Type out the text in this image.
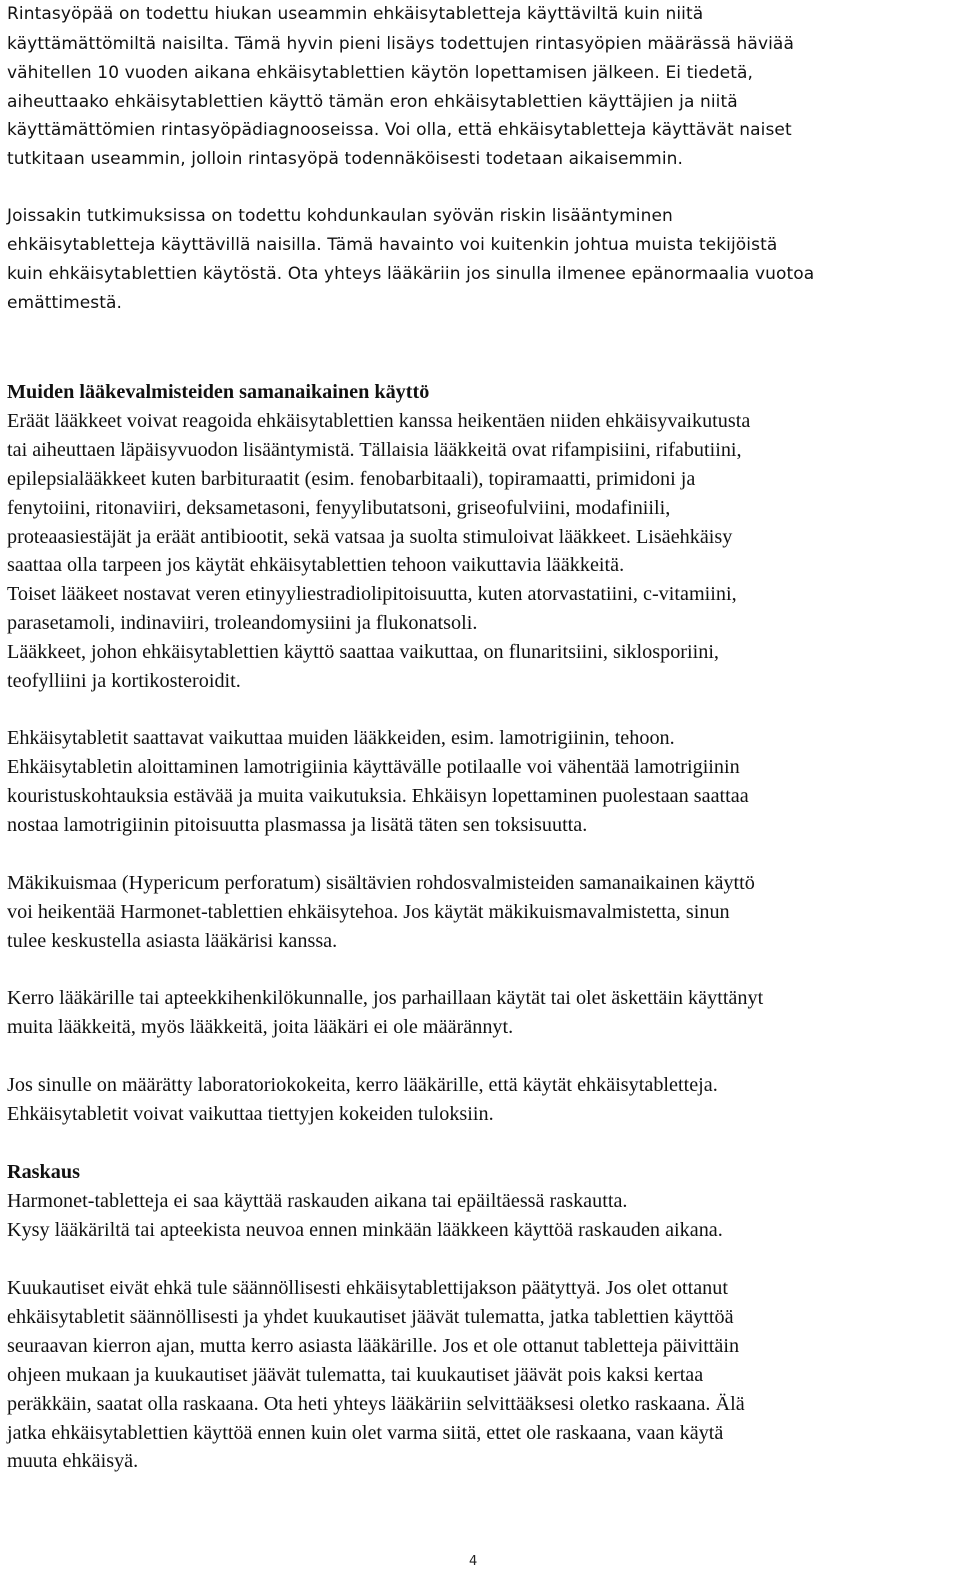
Rintasyöpää on todettu hiukan useammin ehkäisytabletteja käyttäviltä kuin niitä

käyttämättömiltä naisilta. Tämä hyvin pieni lisäys todettujen rintasyöpien määrässä häviää

vähitellen 10 vuoden aikana ehkäisytablettien käytön lopettamisen jälkeen. Ei tiedetä,

aiheuttaako ehkäisytablettien käyttö tämän eron ehkäisytablettien käyttäjien ja niitä

käyttämättömien rintasyöpädiagnooseissa. Voi olla, että ehkäisytabletteja käyttävät naiset

tutkitaan useammin, jolloin rintasyöpä todennäköisesti todetaan aikaisemmin.

Joissakin tutkimuksissa on todettu kohdunkaulan syövän riskin lisääntyminen

ehkäisytabletteja käyttävillä naisilla. Tämä havainto voi kuitenkin johtua muista tekijöistä

kuin ehkäisytablettien käytöstä. Ota yhteys lääkäriin jos sinulla ilmenee epänormaalia vuotoa

emättimestä.

Muiden lääkevalmisteiden samanaikainen käyttö

Eräät lääkkeet voivat reagoida ehkäisytablettien kanssa heikentäen niiden ehkäisyvaikutusta

tai aiheuttaen läpäisyvuodon lisääntymistä. Tällaisia lääkkeitä ovat rifampisiini, rifabutiini,

epilepsialääkkeet kuten barbituraatit (esim. fenobarbitaali), topiramaatti, primidoni ja

fenytoiini, ritonaviiri, deksametasoni, fenyylibutatsoni, griseofulviini, modafiniili,

proteaasiestäjät ja eräät antibiootit, sekä vatsaa ja suolta stimuloivat lääkkeet. Lisäehkäisy

saattaa olla tarpeen jos käytät ehkäisytablettien tehoon vaikuttavia lääkkeitä.

Toiset lääkeet nostavat veren etinyyliestradiolipitoisuutta, kuten atorvastatiini, c-vitamiini,

parasetamoli, indinaviiri, troleandomysiini ja flukonatsoli.

Lääkkeet, johon ehkäisytablettien käyttö saattaa vaikuttaa, on flunaritsiini, siklosporiini,

teofylliini ja kortikosteroidit.

Ehkäisytabletit saattavat vaikuttaa muiden lääkkeiden, esim. lamotrigiinin, tehoon.

Ehkäisytabletin aloittaminen lamotrigiinia käyttävälle potilaalle voi vähentää lamotrigiinin

kouristuskohtauksia estävää ja muita vaikutuksia. Ehkäisyn lopettaminen puolestaan saattaa

nostaa lamotrigiinin pitoisuutta plasmassa ja lisätä täten sen toksisuutta.

Mäkikuismaa (Hypericum perforatum) sisältävien rohdosvalmisteiden samanaikainen käyttö

voi heikentää Harmonet-tablettien ehkäisytehoa. Jos käytät mäkikuismavalmistetta, sinun

tulee keskustella asiasta lääkärisi kanssa.

Kerro lääkärille tai apteekkihenkilökunnalle, jos parhaillaan käytät tai olet äskettäin käyttänyt

muita lääkkeitä, myös lääkkeitä, joita lääkäri ei ole määrännyt.

Jos sinulle on määrätty laboratoriokokeita, kerro lääkärille, että käytät ehkäisytabletteja.

Ehkäisytabletit voivat vaikuttaa tiettyjen kokeiden tuloksiin.

Raskaus

Harmonet-tabletteja ei saa käyttää raskauden aikana tai epäiltäessä raskautta.

Kysy lääkäriltä tai apteekista neuvoa ennen minkään lääkkeen käyttöä raskauden aikana.

Kuukautiset eivät ehkä tule säännöllisesti ehkäisytablettijakson päätyttyä. Jos olet ottanut

ehkäisytabletit säännöllisesti ja yhdet kuukautiset jäävät tulematta, jatka tablettien käyttöä

seuraavan kierron ajan, mutta kerro asiasta lääkärille. Jos et ole ottanut tabletteja päivittäin

ohjeen mukaan ja kuukautiset jäävät tulematta, tai kuukautiset jäävät pois kaksi kertaa

peräkkäin, saatat olla raskaana. Ota heti yhteys lääkäriin selvittääksesi oletko raskaana. Älä

jatka ehkäisytablettien käyttöä ennen kuin olet varma siitä, ettet ole raskaana, vaan käytä

muuta ehkäisyä.

4
